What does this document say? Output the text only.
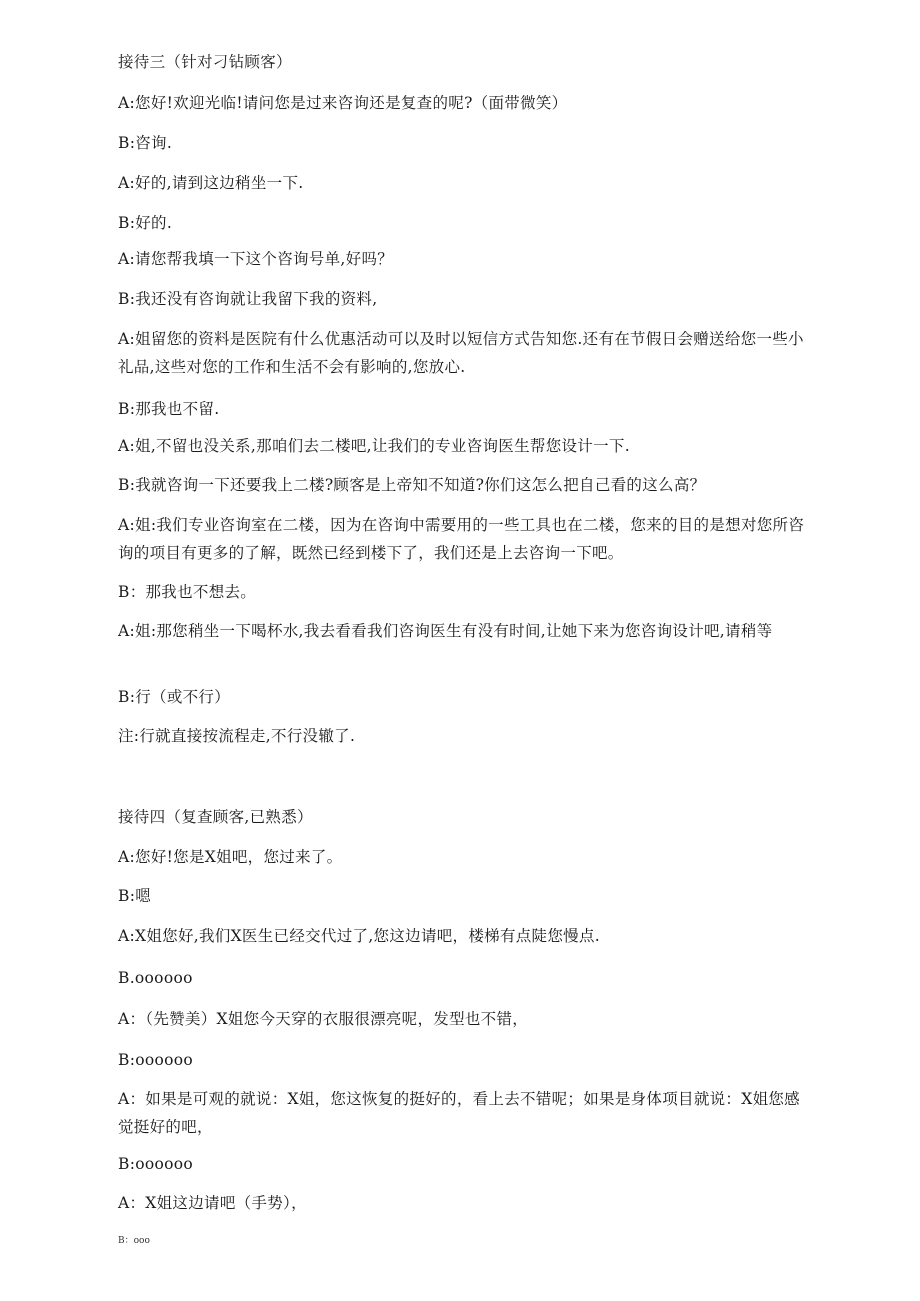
接待三（针对刁钻顾客）
A:您好!欢迎光临!请问您是过来咨询还是复查的呢?（面带微笑）
B:咨询.
A:好的,请到这边稍坐一下.
B:好的.
A:请您帮我填一下这个咨询号单,好吗？
B:我还没有咨询就让我留下我的资料,
A:姐留您的资料是医院有什么优惠活动可以及时以短信方式告知您.还有在节假日会赠送给您一些小礼品,这些对您的工作和生活不会有影响的,您放心.
B:那我也不留.
A:姐,不留也没关系,那咱们去二楼吧,让我们的专业咨询医生帮您设计一下.
B:我就咨询一下还要我上二楼?顾客是上帝知不知道?你们这怎么把自己看的这么高？
A:姐:我们专业咨询室在二楼，因为在咨询中需要用的一些工具也在二楼，您来的目的是想对您所咨询的项目有更多的了解，既然已经到楼下了，我们还是上去咨询一下吧。
B：那我也不想去。
A:姐:那您稍坐一下喝杯水,我去看看我们咨询医生有没有时间,让她下来为您咨询设计吧,请稍等
B:行（或不行）
注:行就直接按流程走,不行没辙了.
接待四（复查顾客,已熟悉）
A:您好!您是X姐吧，您过来了。
B:嗯
A:X姐您好,我们X医生已经交代过了,您这边请吧，楼梯有点陡您慢点.
B.oooooo
A：（先赞美）X姐您今天穿的衣服很漂亮呢，发型也不错，
B:oooooo
A：如果是可观的就说：X姐，您这恢复的挺好的，看上去不错呢；如果是身体项目就说：X姐您感觉挺好的吧，
B:oooooo
A：X姐这边请吧（手势），
B：ooo
